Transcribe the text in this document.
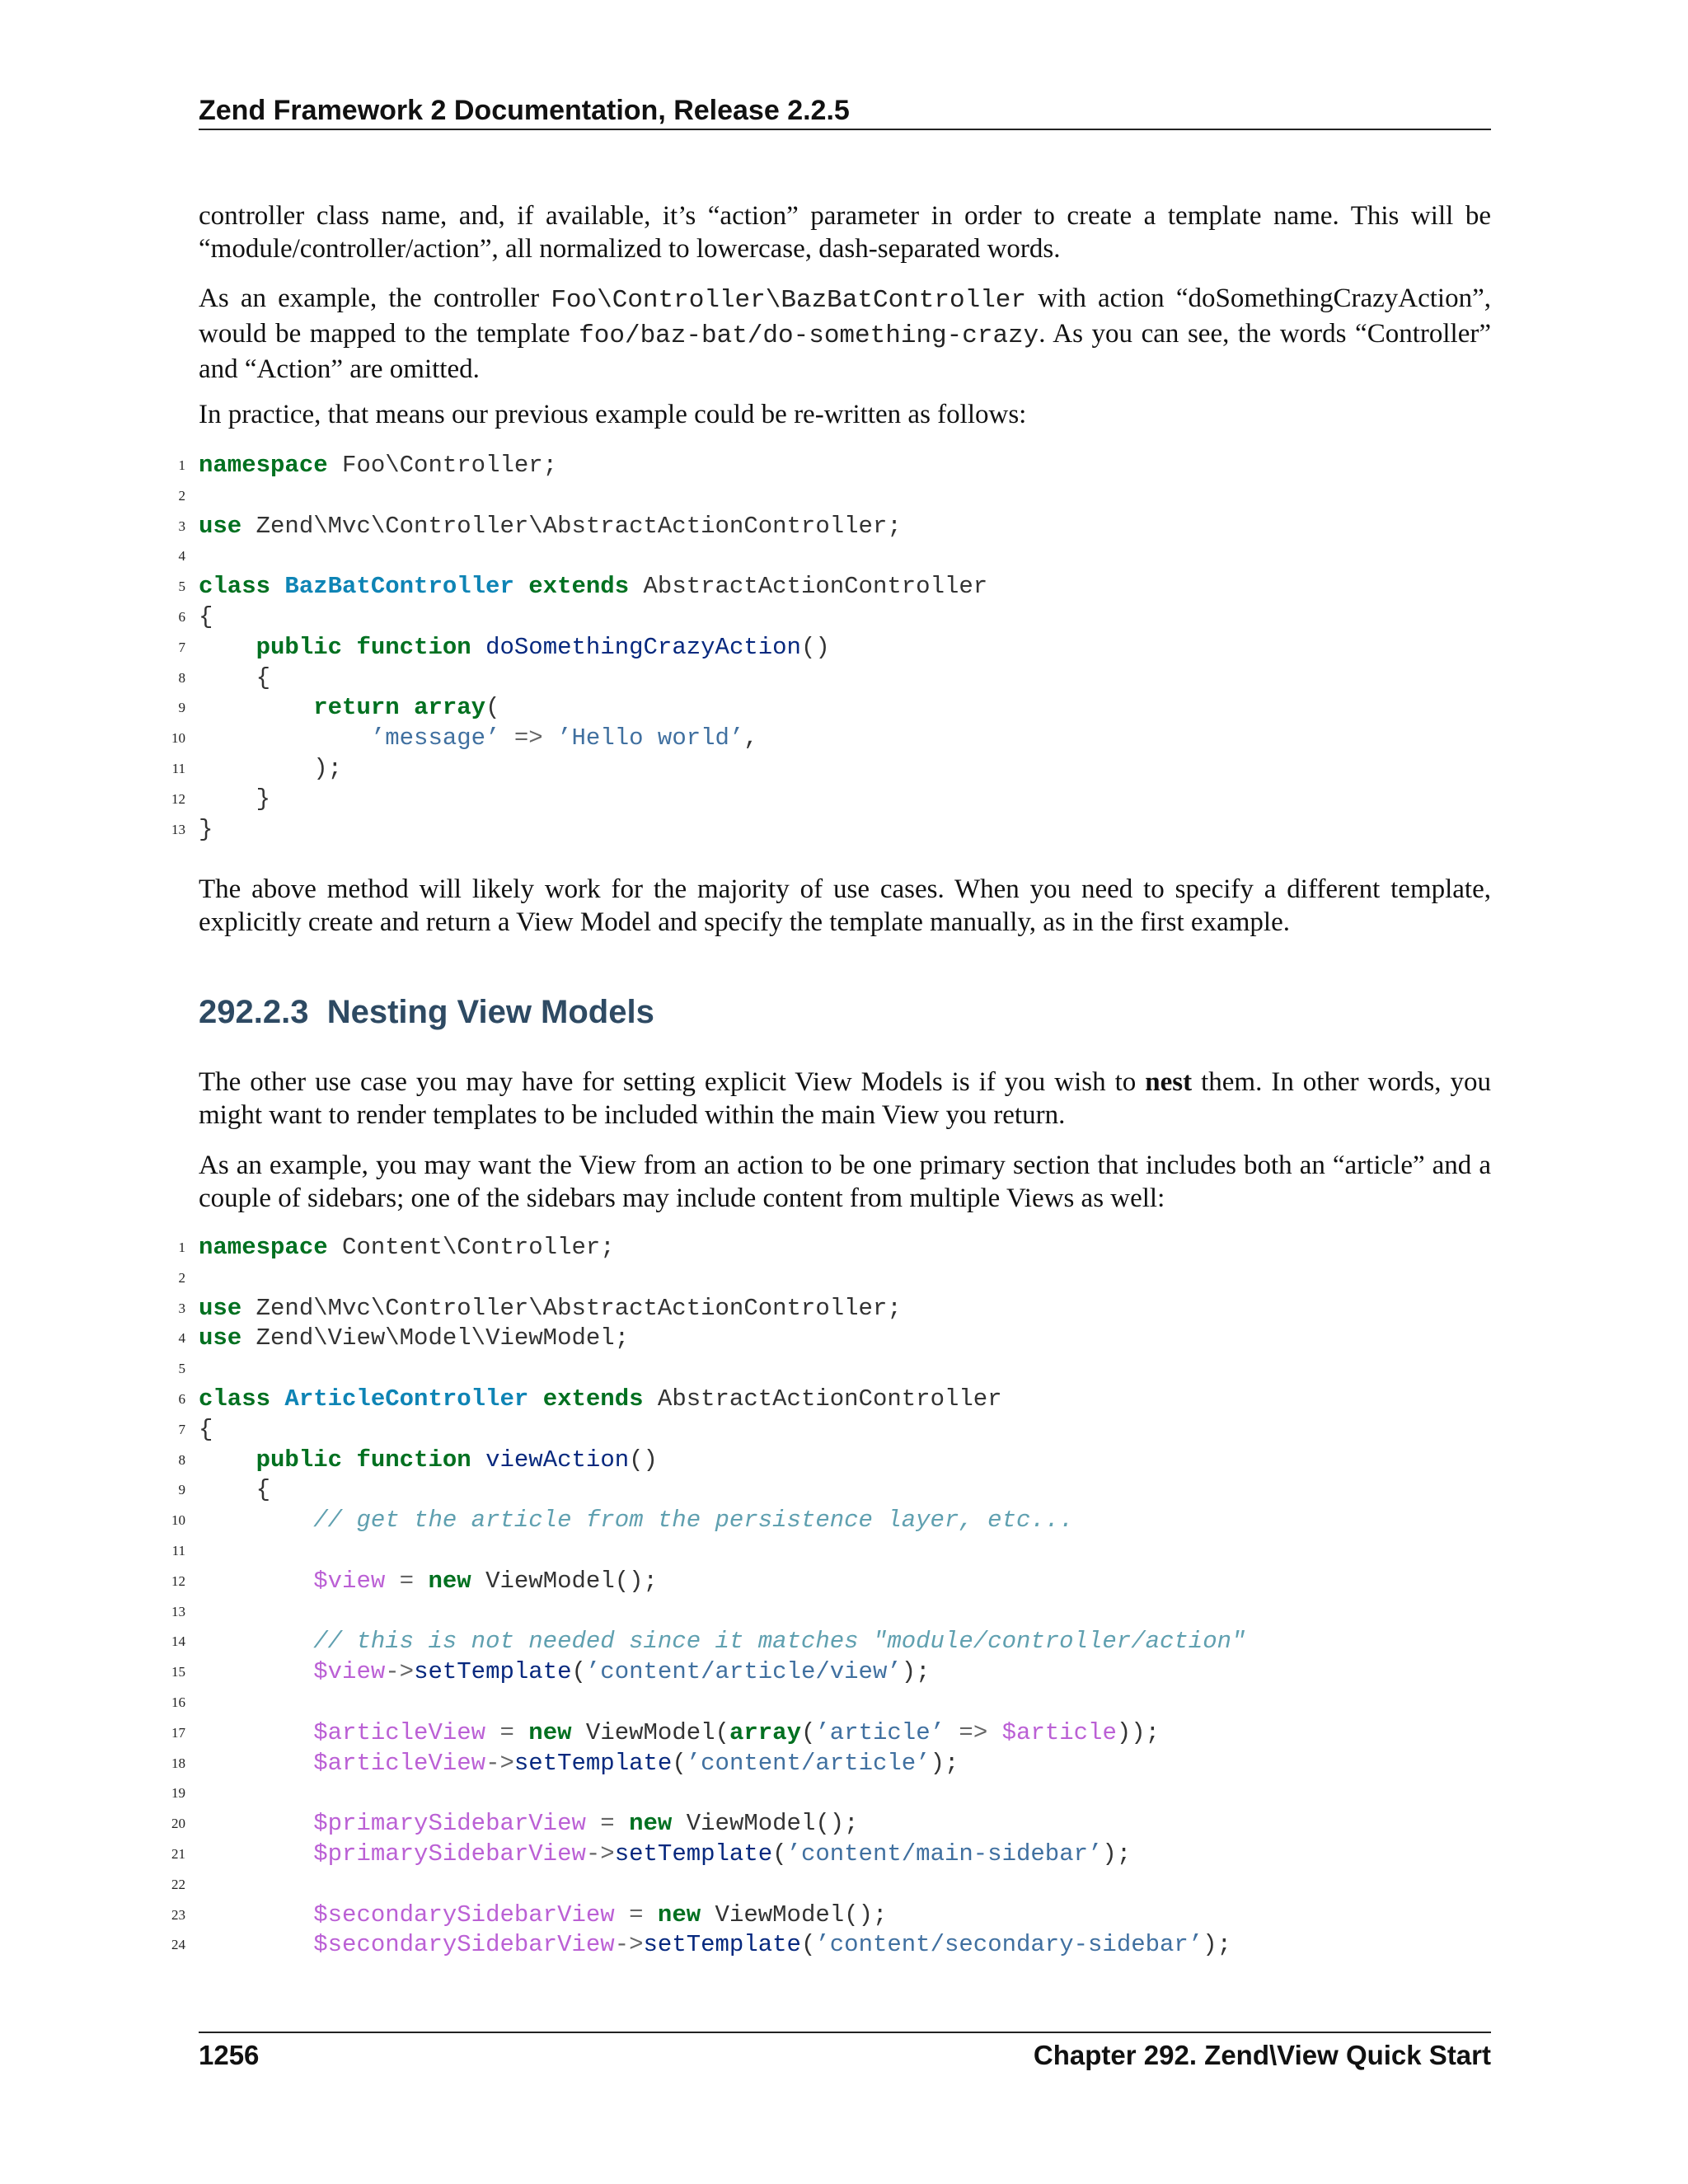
Zend Framework 2 Documentation, Release 2.2.5

controller class name, and, if available, it’s “action” parameter in order to create a template name. This will be “module/controller/action”, all normalized to lowercase, dash-separated words.

As an example, the controller Foo\Controller\BazBatController with action “doSomethingCrazyAction”, would be mapped to the template foo/baz-bat/do-something-crazy. As you can see, the words “Controller” and “Action” are omitted.

In practice, that means our previous example could be re-written as follows:

1 namespace Foo\Controller;
2
3 use Zend\Mvc\Controller\AbstractActionController;
4
5 class BazBatController extends AbstractActionController
6 {
7	public function doSomethingCrazyAction()
8 {
9	return array(
10	’message’ => ’Hello world’,
11 );
12 }
13 }

The above method will likely work for the majority of use cases. When you need to specify a different template, explicitly create and return a View Model and specify the template manually, as in the first example.

292.2.3 Nesting View Models

The other use case you may have for setting explicit View Models is if you wish to nest them. In other words, you might want to render templates to be included within the main View you return.

As an example, you may want the View from an action to be one primary section that includes both an “article” and a couple of sidebars; one of the sidebars may include content from multiple Views as well:

1 namespace Content\Controller;
2
3 use Zend\Mvc\Controller\AbstractActionController;
4 use Zend\View\Model\ViewModel;
5
6 class ArticleController extends AbstractActionController
7 {
8	public function viewAction()
9 {
10	// get the article from the persistence layer, etc...
11
12	$view = new ViewModel();
13
14	// this is not needed since it matches "module/controller/action"
15	$view->setTemplate(’content/article/view’);
16
17	$articleView = new ViewModel(array(’article’ => $article));
18	$articleView->setTemplate(’content/article’);
19
20	$primarySidebarView = new ViewModel();
21	$primarySidebarView->setTemplate(’content/main-sidebar’);
22
23	$secondarySidebarView = new ViewModel();
24	$secondarySidebarView->setTemplate(’content/secondary-sidebar’);
1256	Chapter 292. Zend\View Quick Start
